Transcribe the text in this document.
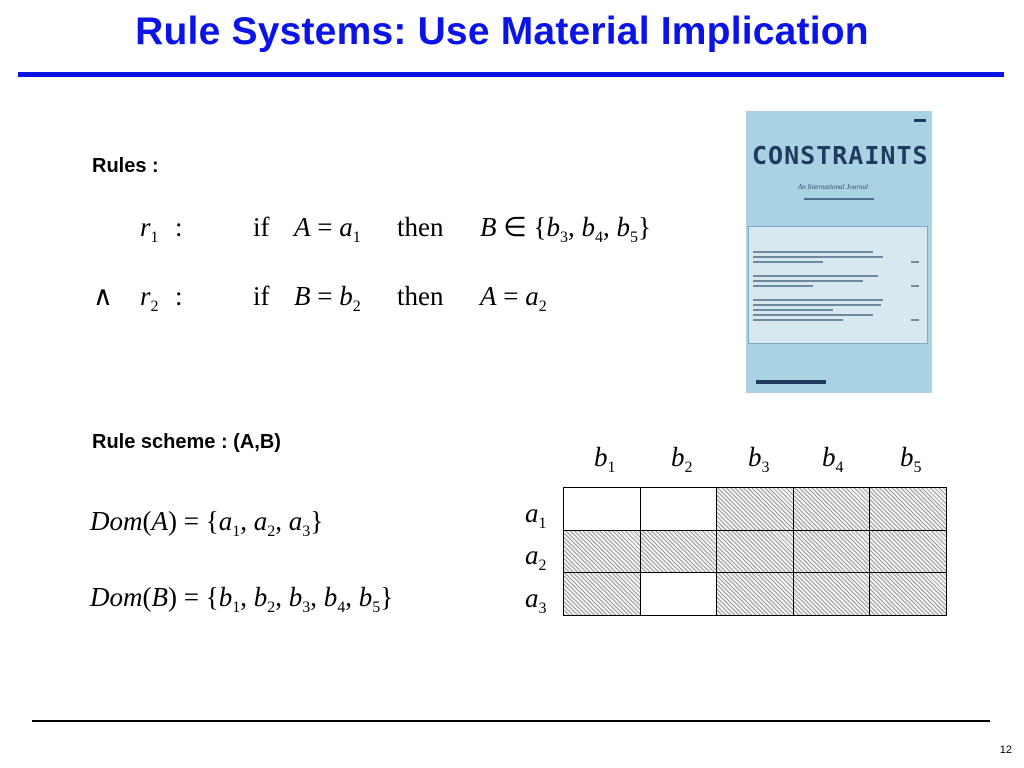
Rule Systems: Use Material Implication
Rules :
$r_1$ :	if $A = a_1$ then B ∈ {$b_3$, $b_4$, $b_5$}
∧ $r_2$ :	if $B = b_2$ then $A = a_2$
CONSTRAINTS
An International Journal
Rule scheme : (A,B)
$Dom(A) = \{a_1$, $a_2$, $a_3$}
$Dom(B) = \{b_1$, $b_2$, $b_3$, $b_4$, $b_5$}
$b_1$ $b_2$ $b_3$ $b_4$ $b_5$
$a_1$
$a_2$
$a_3$
12
